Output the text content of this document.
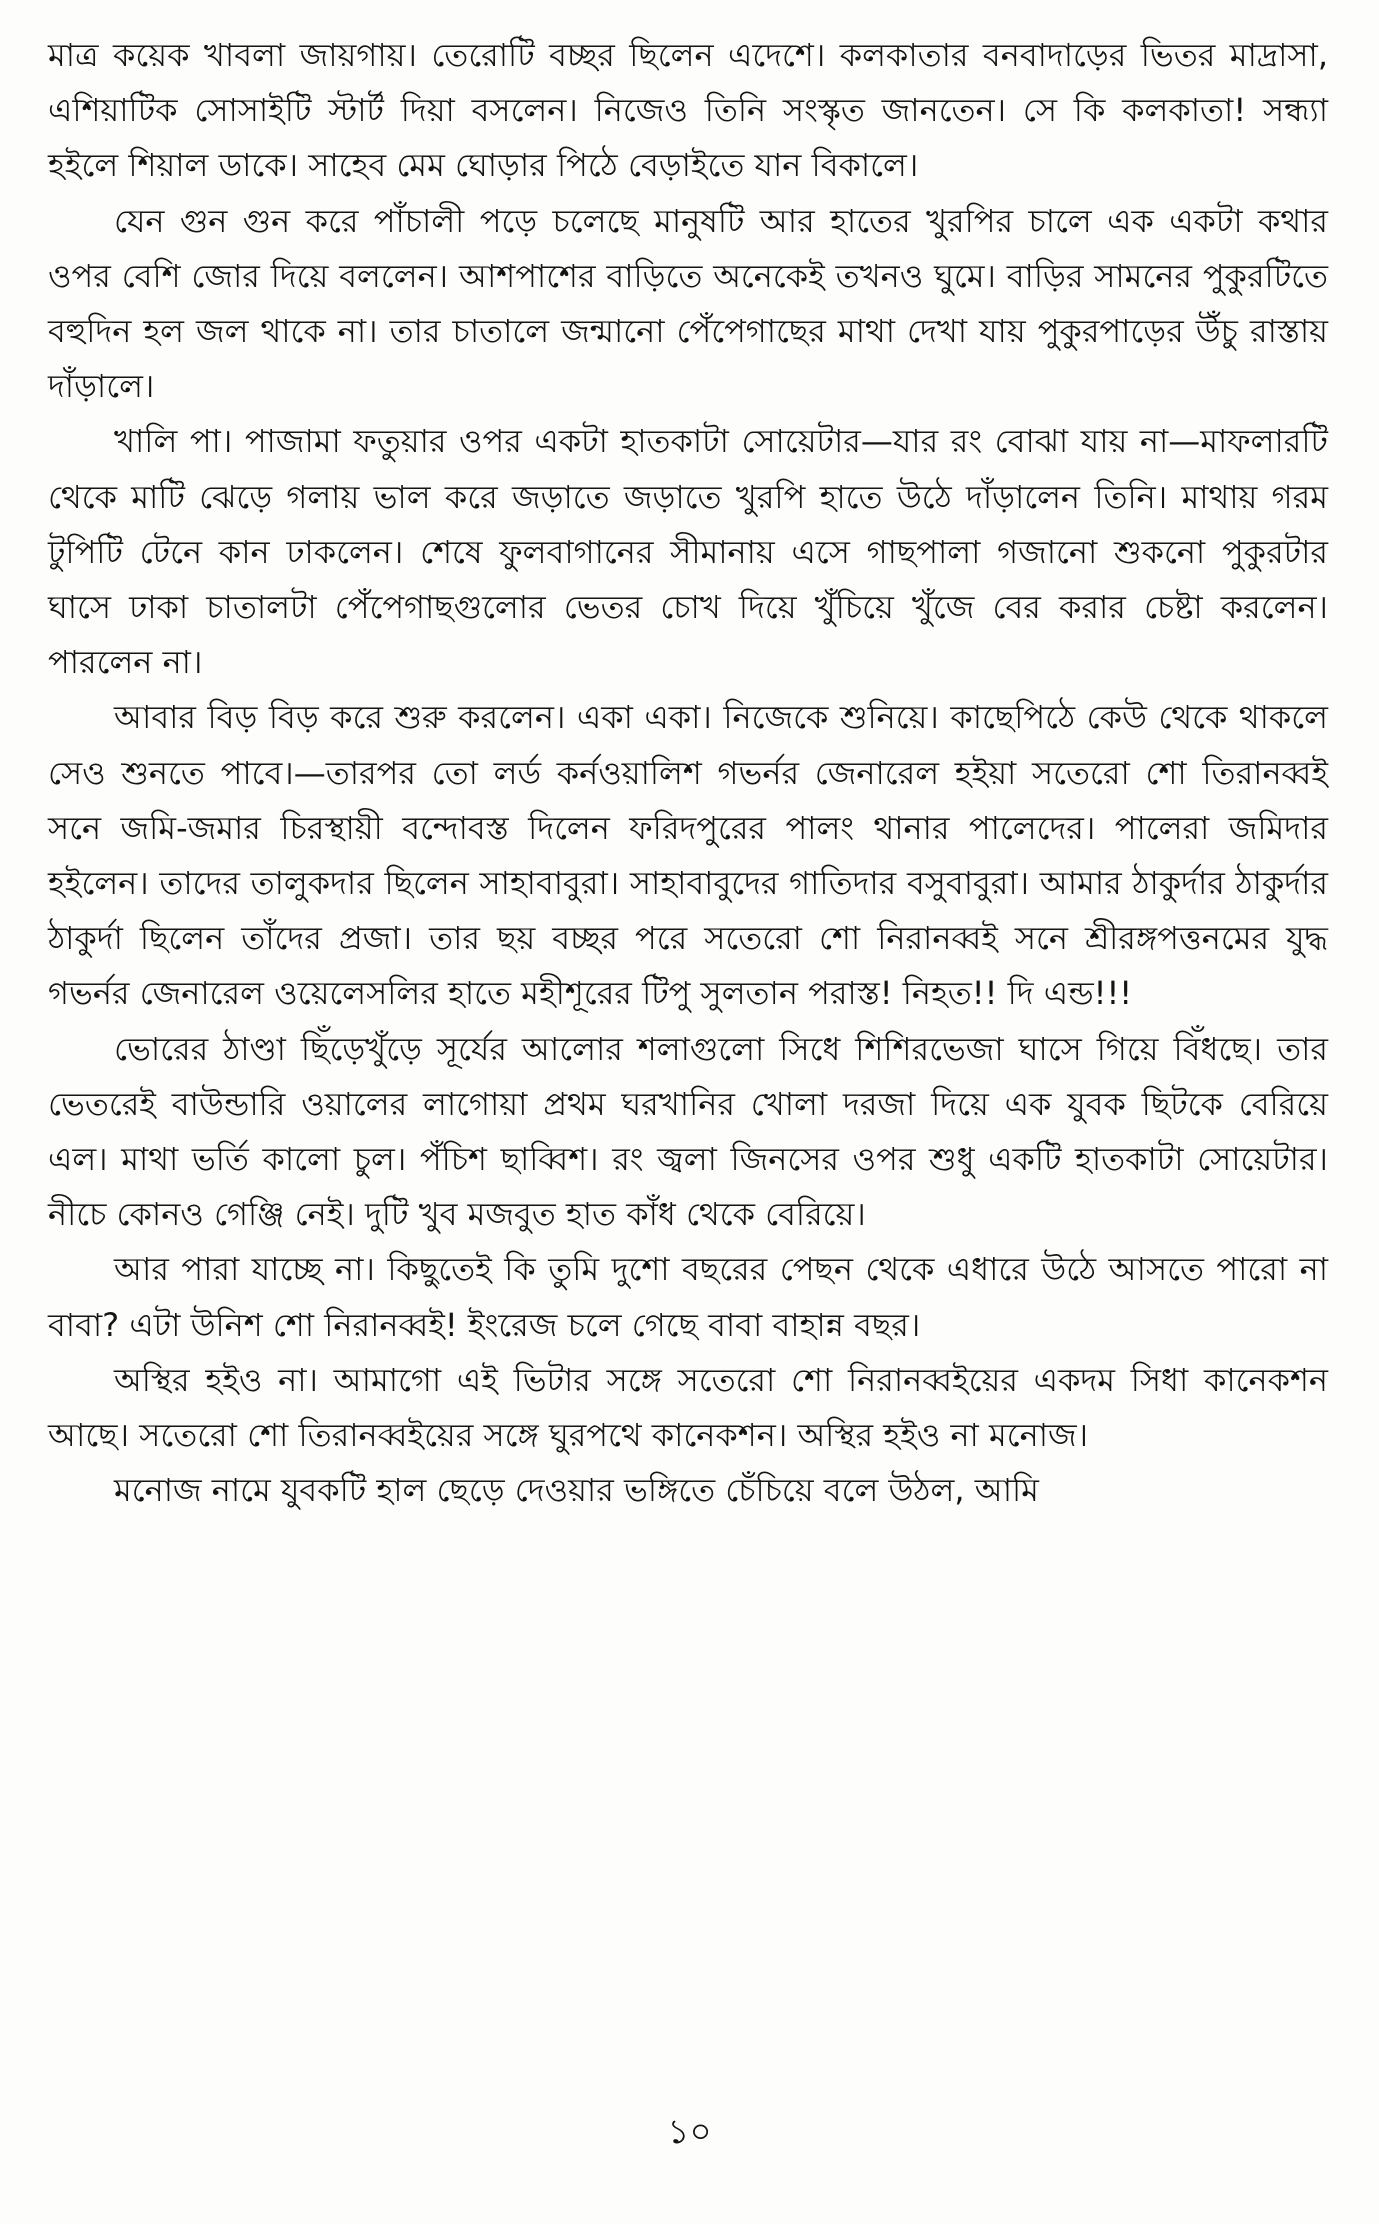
মাত্র কয়েক খাবলা জায়গায়। তেরোটি বচ্ছর ছিলেন এদেশে। কলকাতার বনবাদাড়ের ভিতর মাদ্রাসা, এশিয়াটিক সোসাইটি স্টার্ট দিয়া বসলেন। নিজেও তিনি সংস্কৃত জানতেন। সে কি কলকাতা! সন্ধ্যা হইলে শিয়াল ডাকে। সাহেব মেম ঘোড়ার পিঠে বেড়াইতে যান বিকালে।

যেন গুন গুন করে পাঁচালী পড়ে চলেছে মানুষটি আর হাতের খুরপির চালে এক একটা কথার ওপর বেশি জোর দিয়ে বললেন। আশপাশের বাড়িতে অনেকেই তখনও ঘুমে। বাড়ির সামনের পুকুরটিতে বহুদিন হল জল থাকে না। তার চাতালে জন্মানো পেঁপেগাছের মাথা দেখা যায় পুকুরপাড়ের উঁচু রাস্তায় দাঁড়ালে।

খালি পা। পাজামা ফতুয়ার ওপর একটা হাতকাটা সোয়েটার—যার রং বোঝা যায় না—মাফলারটি থেকে মাটি ঝেড়ে গলায় ভাল করে জড়াতে জড়াতে খুরপি হাতে উঠে দাঁড়ালেন তিনি। মাথায় গরম টুপিটি টেনে কান ঢাকলেন। শেষে ফুলবাগানের সীমানায় এসে গাছপালা গজানো শুকনো পুকুরটার ঘাসে ঢাকা চাতালটা পেঁপেগাছগুলোর ভেতর চোখ দিয়ে খুঁচিয়ে খুঁজে বের করার চেষ্টা করলেন। পারলেন না।

আবার বিড় বিড় করে শুরু করলেন। একা একা। নিজেকে শুনিয়ে। কাছেপিঠে কেউ থেকে থাকলে সেও শুনতে পাবে।—তারপর তো লর্ড কর্নওয়ালিশ গভর্নর জেনারেল হইয়া সতেরো শো তিরানব্বই সনে জমি-জমার চিরস্থায়ী বন্দোবস্ত দিলেন ফরিদপুরের পালং থানার পালেদের। পালেরা জমিদার হইলেন। তাদের তালুকদার ছিলেন সাহাবাবুরা। সাহাবাবুদের গাতিদার বসুবাবুরা। আমার ঠাকুর্দার ঠাকুর্দার ঠাকুর্দা ছিলেন তাঁদের প্রজা। তার ছয় বচ্ছর পরে সতেরো শো নিরানব্বই সনে শ্রীরঙ্গপত্তনমের যুদ্ধ গভর্নর জেনারেল ওয়েলেসলির হাতে মহীশূরের টিপু সুলতান পরাস্ত! নিহত!! দি এন্ড!!!

ভোরের ঠাণ্ডা ছিঁড়েখুঁড়ে সূর্যের আলোর শলাগুলো সিধে শিশিরভেজা ঘাসে গিয়ে বিঁধছে। তার ভেতরেই বাউন্ডারি ওয়ালের লাগোয়া প্রথম ঘরখানির খোলা দরজা দিয়ে এক যুবক ছিটকে বেরিয়ে এল। মাথা ভর্তি কালো চুল। পঁচিশ ছাব্বিশ। রং জ্বলা জিনসের ওপর শুধু একটি হাতকাটা সোয়েটার। নীচে কোনও গেঞ্জি নেই। দুটি খুব মজবুত হাত কাঁধ থেকে বেরিয়ে।

আর পারা যাচ্ছে না। কিছুতেই কি তুমি দুশো বছরের পেছন থেকে এধারে উঠে আসতে পারো না বাবা? এটা উনিশ শো নিরানব্বই! ইংরেজ চলে গেছে বাবা বাহান্ন বছর।

অস্থির হইও না। আমাগো এই ভিটার সঙ্গে সতেরো শো নিরানব্বইয়ের একদম সিধা কানেকশন আছে। সতেরো শো তিরানব্বইয়ের সঙ্গে ঘুরপথে কানেকশন। অস্থির হইও না মনোজ।

মনোজ নামে যুবকটি হাল ছেড়ে দেওয়ার ভঙ্গিতে চেঁচিয়ে বলে উঠল, আমি

১০
